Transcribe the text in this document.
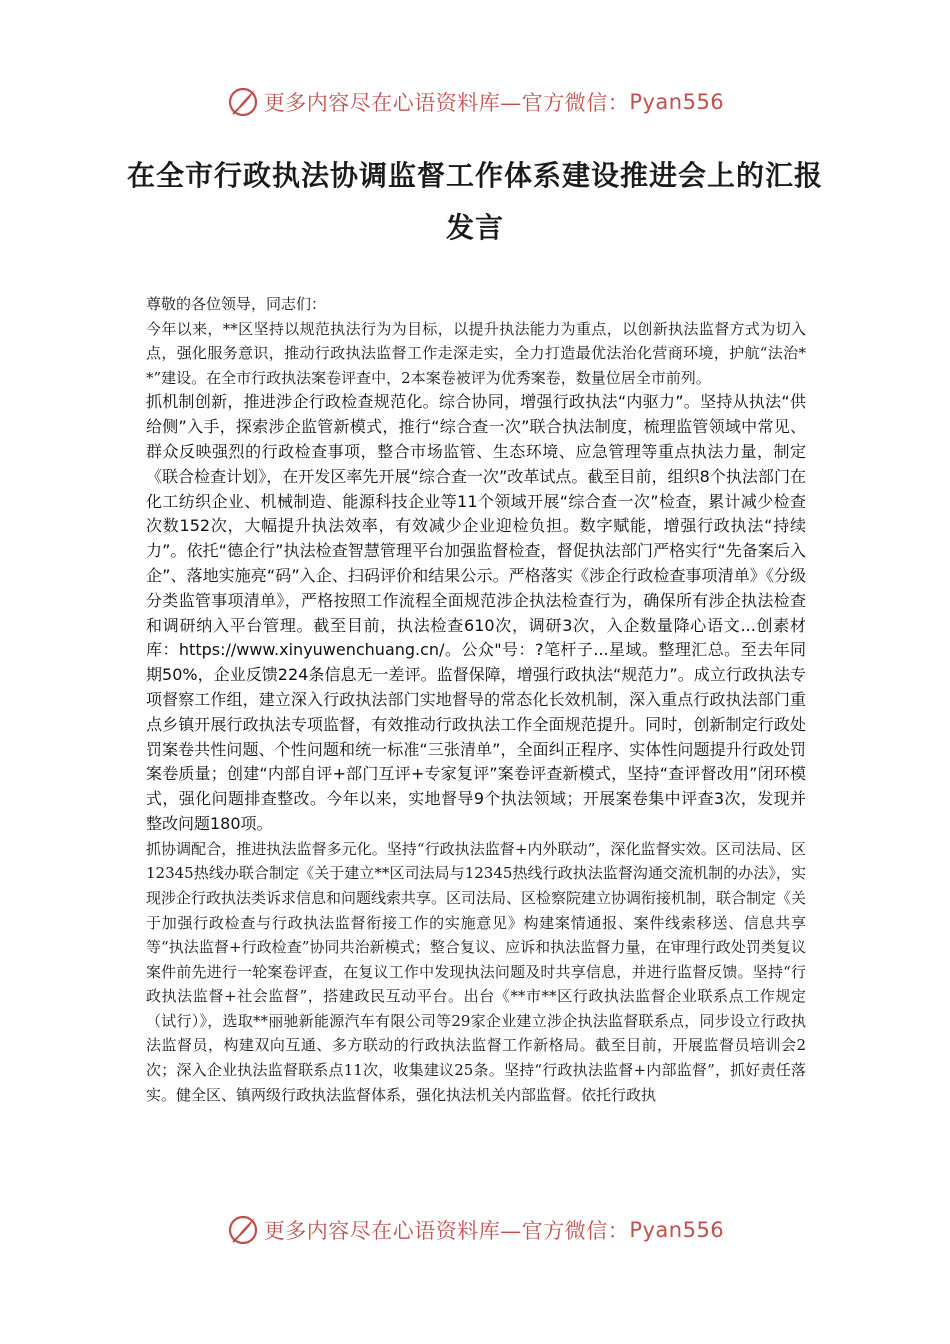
更多内容尽在心语资料库—官方微信： Pyan556
在全市行政执法协调监督工作体系建设推进会上的汇报发言

尊敬的各位领导，同志们：

今年以来，**区坚持以规范执法行为为目标，以提升执法能力为重点，以创新执法监督方式为切入点，强化服务意识，推动行政执法监督工作走深走实，全力打造最优法治化营商环境，护航“法治**”建设。在全市行政执法案卷评查中，2本案卷被评为优秀案卷，数量位居全市前列。

抓机制创新，推进涉企行政检查规范化。综合协同，增强行政执法“内驱力”。坚持从执法“供给侧”入手，探索涉企监管新模式，推行“综合查一次”联合执法制度，梳理监管领域中常见、群众反映强烈的行政检查事项，整合市场监管、生态环境、应急管理等重点执法力量，制定《联合检查计划》，在开发区率先开展“综合查一次”改革试点。截至目前，组织8个执法部门在化工纺织企业、机械制造、能源科技企业等11个领域开展“综合查一次”检查，累计减少检查次数152次，大幅提升执法效率，有效减少企业迎检负担。数字赋能，增强行政执法“持续力”。依托“德企行”执法检查智慧管理平台加强监督检查，督促执法部门严格实行“先备案后入企”、落地实施亮“码”入企、扫码评价和结果公示。严格落实《涉企行政检查事项清单》《分级分类监管事项清单》，严格按照工作流程全面规范涉企执法检查行为，确保所有涉企执法检查和调研纳入平台管理。截至目前，执法检查610次，调研3次，入企数量降心语文...创素材库：https://www.xinyuwenchuang.cn/。公众"号：?笔杆子...星域。整理汇总。至去年同期50%，企业反馈224条信息无一差评。监督保障，增强行政执法“规范力”。成立行政执法专项督察工作组，建立深入行政执法部门实地督导的常态化长效机制，深入重点行政执法部门重点乡镇开展行政执法专项监督，有效推动行政执法工作全面规范提升。同时，创新制定行政处罚案卷共性问题、个性问题和统一标准“三张清单”，全面纠正程序、实体性问题提升行政处罚案卷质量；创建“内部自评+部门互评+专家复评”案卷评查新模式，坚持“查评督改用”闭环模式，强化问题排查整改。今年以来，实地督导9个执法领域；开展案卷集中评查3次，发现并整改问题180项。

抓协调配合，推进执法监督多元化。坚持“行政执法监督+内外联动”，深化监督实效。区司法局、区12345热线办联合制定《关于建立**区司法局与12345热线行政执法监督沟通交流机制的办法》，实现涉企行政执法类诉求信息和问题线索共享。区司法局、区检察院建立协调衔接机制，联合制定《关于加强行政检查与行政执法监督衔接工作的实施意见》构建案情通报、案件线索移送、信息共享等“执法监督+行政检查”协同共治新模式；整合复议、应诉和执法监督力量，在审理行政处罚类复议案件前先进行一轮案卷评查，在复议工作中发现执法问题及时共享信息，并进行监督反馈。坚持“行政执法监督+社会监督”，搭建政民互动平台。出台《**市**区行政执法监督企业联系点工作规定（试行）》，选取**丽驰新能源汽车有限公司等29家企业建立涉企执法监督联系点，同步设立行政执法监督员，构建双向互通、多方联动的行政执法监督工作新格局。截至目前，开展监督员培训会2次；深入企业执法监督联系点11次，收集建议25条。坚持“行政执法监督+内部监督”，抓好责任落实。健全区、镇两级行政执法监督体系，强化执法机关内部监督。依托行政执

更多内容尽在心语资料库—官方微信： Pyan556
